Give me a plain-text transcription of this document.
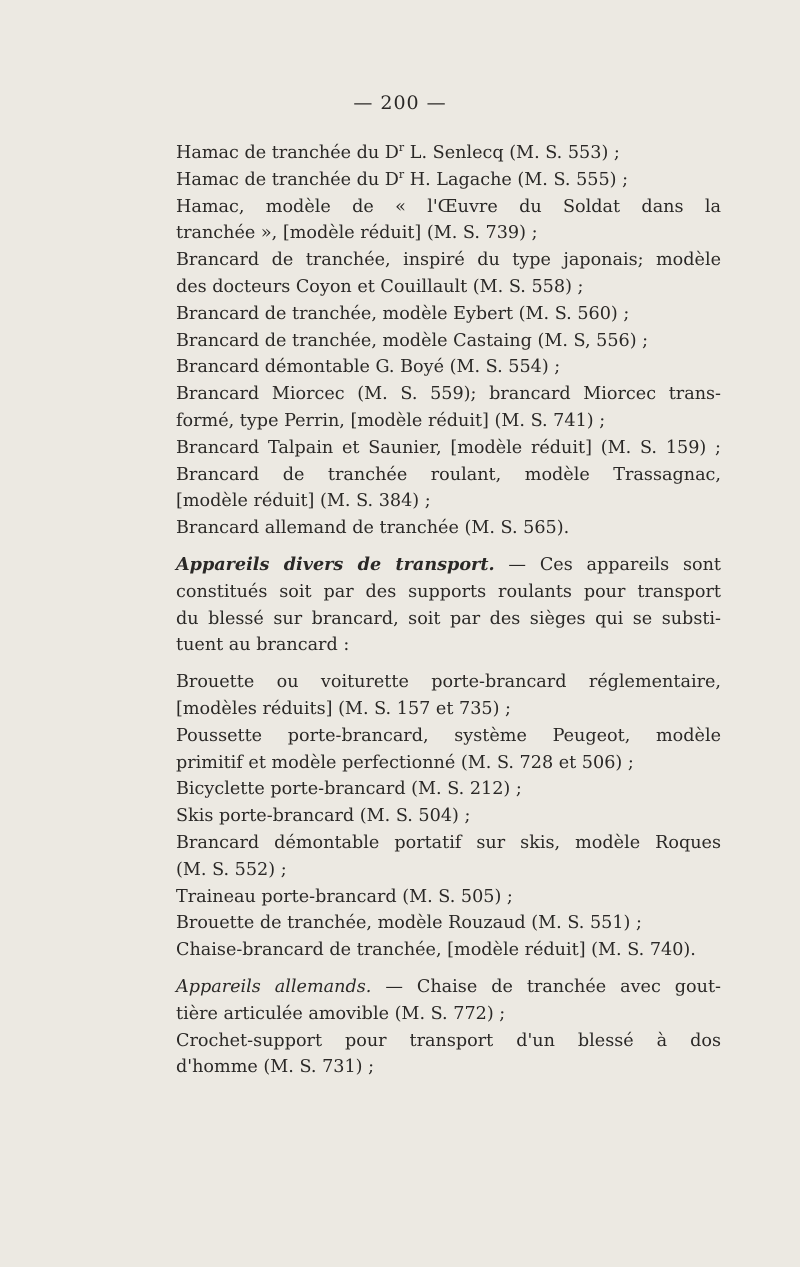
— 200 —
Hamac de tranchée du $D^r$ L. Senlecq (M. S. 553) ;
Hamac de tranchée du $D^r$ H. Lagache (M. S. 555) ;
Hamac, modèle de « l'Œuvre du Soldat dans la
tranchée », [modèle réduit] (M. S. 739) ;
Brancard de tranchée, inspiré du type japonais; modèle
des docteurs Coyon et Couillault (M. S. 558) ;
Brancard de tranchée, modèle Eybert (M. S. 560) ;
Brancard de tranchée, modèle Castaing (M. S, 556) ;
Brancard démontable G. Boyé (M. S. 554) ;
Brancard Miorcec (M. S. 559); brancard Miorcec trans-
formé, type Perrin, [modèle réduit] (M. S. 741) ;
Brancard Talpain et Saunier, [modèle réduit] (M. S. 159) ;
Brancard de tranchée roulant, modèle Trassagnac,
[modèle réduit] (M. S. 384) ;
Brancard allemand de tranchée (M. S. 565).
Appareils divers de transport. — Ces appareils sont
constitués soit par des supports roulants pour transport
du blessé sur brancard, soit par des sièges qui se substi-
tuent au brancard :
Brouette ou voiturette porte-brancard réglementaire,
[modèles réduits] (M. S. 157 et 735) ;
Poussette porte-brancard, système Peugeot, modèle
primitif et modèle perfectionné (M. S. 728 et 506) ;
Bicyclette porte-brancard (M. S. 212) ;
Skis porte-brancard (M. S. 504) ;
Brancard démontable portatif sur skis, modèle Roques
(M. S. 552) ;
Traineau porte-brancard (M. S. 505) ;
Brouette de tranchée, modèle Rouzaud (M. S. 551) ;
Chaise-brancard de tranchée, [modèle réduit] (M. S. 740).
Appareils allemands. — Chaise de tranchée avec gout-
tière articulée amovible (M. S. 772) ;
Crochet-support pour transport d'un blessé à dos
d'homme (M. S. 731) ;
